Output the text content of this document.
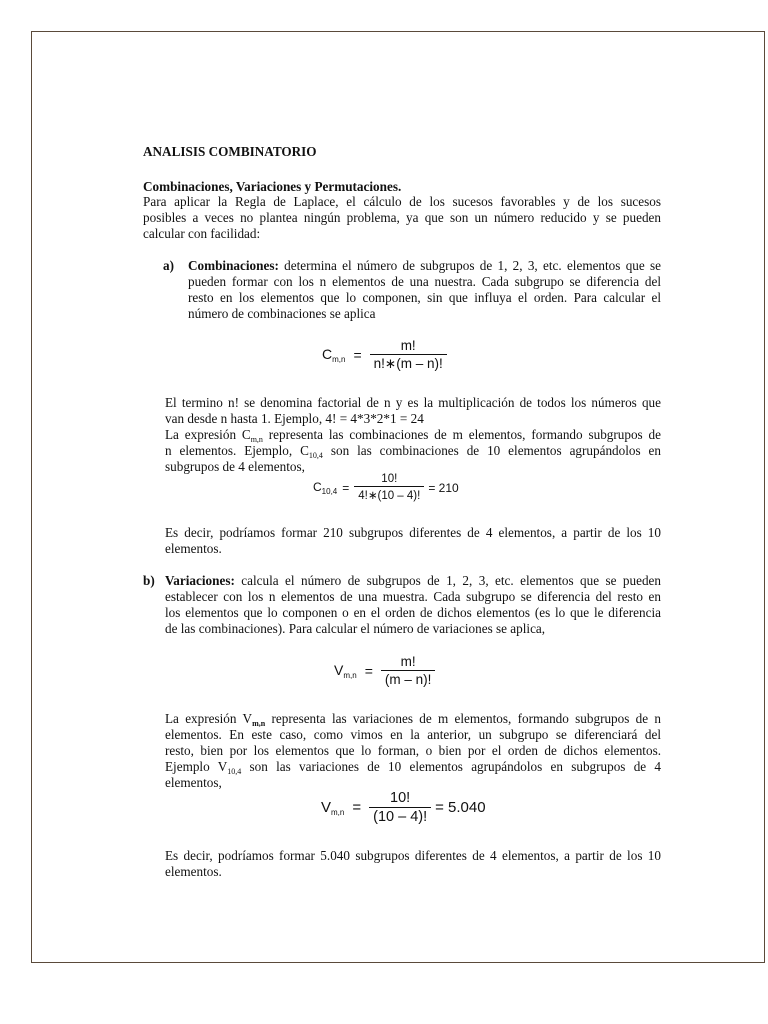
ANALISIS COMBINATORIO
Combinaciones, Variaciones y Permutaciones.
Para aplicar la Regla de Laplace, el cálculo de los sucesos favorables y de los sucesos
posibles a veces no plantea ningún problema, ya que son un número reducido y se pueden
calcular con facilidad:
a) Combinaciones: determina el número de subgrupos de 1, 2, 3, etc. elementos que se
pueden formar con los n elementos de una nuestra. Cada subgrupo se diferencia del
resto en los elementos que lo componen, sin que influya el orden. Para calcular el
número de combinaciones se aplica
$C_{m,n} = \frac{m!}{n!∗(m - n)!}$
El termino n! se denomina factorial de n y es la multiplicación de todos los números que
van desde n hasta 1. Ejemplo, 4! = 4*3*2*1 = 24
La expresión $C_{m,n}$ representa las combinaciones de m elementos, formando subgrupos de
n elementos. Ejemplo, $C_{10,4}$ son las combinaciones de 10 elementos agrupándolos en
subgrupos de 4 elementos,
$C_{10,4} = \frac{10!}{4!∗(10 - 4)!} = 210$
Es decir, podríamos formar 210 subgrupos diferentes de 4 elementos, a partir de los 10
elementos.
b) Variaciones: calcula el número de subgrupos de 1, 2, 3, etc. elementos que se pueden
establecer con los n elementos de una muestra. Cada subgrupo se diferencia del resto en
los elementos que lo componen o en el orden de dichos elementos (es lo que le diferencia
de las combinaciones). Para calcular el número de variaciones se aplica,
$V_{m,n} = \frac{m!}{(m - n)!}$
La expresión $V_{m,n}$ representa las variaciones de m elementos, formando subgrupos de n
elementos. En este caso, como vimos en la anterior, un subgrupo se diferenciará del
resto, bien por los elementos que lo forman, o bien por el orden de dichos elementos.
Ejemplo $V_{10,4}$ son las variaciones de 10 elementos agrupándolos en subgrupos de 4
elementos,
$V_{m,n} = \frac{10!}{(10 - 4)!} = 5.040$
Es decir, podríamos formar 5.040 subgrupos diferentes de 4 elementos, a partir de los 10
elementos.
